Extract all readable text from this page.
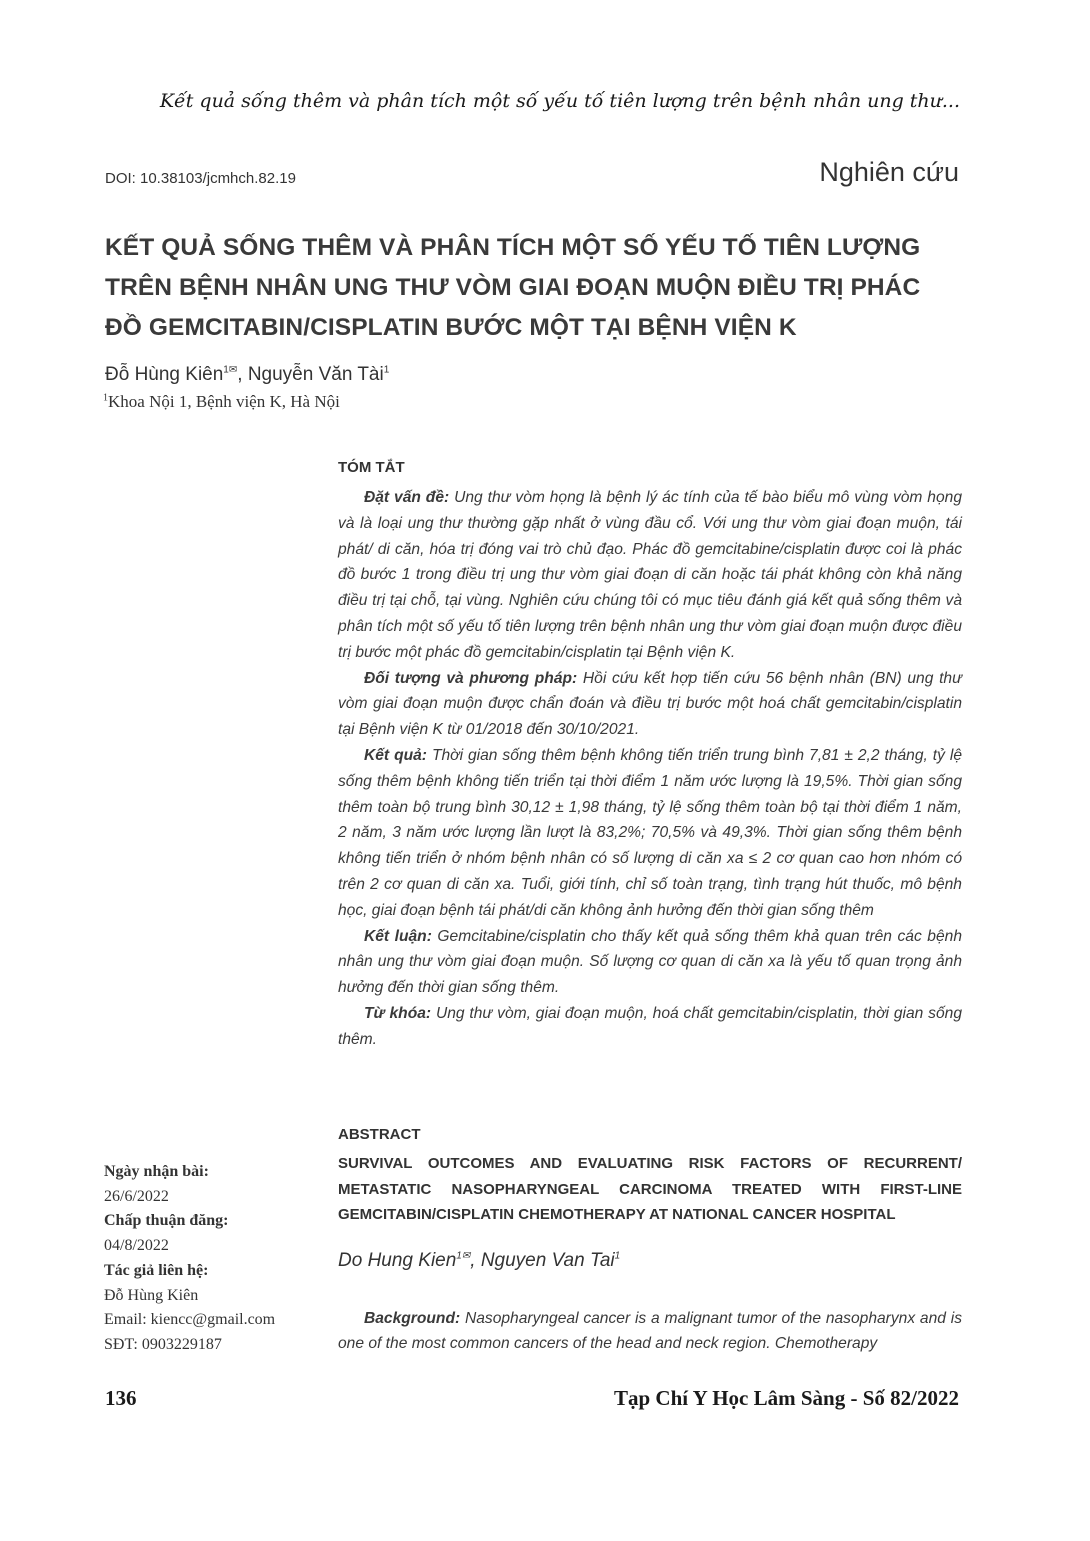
Kết quả sống thêm và phân tích một số yếu tố tiên lượng trên bệnh nhân ung thư...
DOI: 10.38103/jcmhch.82.19	Nghiên cứu
KẾT QUẢ SỐNG THÊM VÀ PHÂN TÍCH MỘT SỐ YẾU TỐ TIÊN LƯỢNG
TRÊN BỆNH NHÂN UNG THƯ VÒM GIAI ĐOẠN MUỘN ĐIỀU TRỊ PHÁC
ĐỒ GEMCITABIN/CISPLATIN BƯỚC MỘT TẠI BỆNH VIỆN K
Đỗ Hùng Kiên$^{1✉}$, Nguyễn Văn Tài$^1$
$^1$Khoa Nội 1, Bệnh viện K, Hà Nội
TÓM TẮT

Đặt vấn đề: Ung thư vòm họng là bệnh lý ác tính của tế bào biểu mô vùng vòm họng và là loại ung thư thường gặp nhất ở vùng đầu cổ. Với ung thư vòm giai đoạn muộn, tái phát/ di căn, hóa trị đóng vai trò chủ đạo. Phác đồ gemcitabine/cisplatin được coi là phác đồ bước 1 trong điều trị ung thư vòm giai đoạn di căn hoặc tái phát không còn khả năng điều trị tại chỗ, tại vùng. Nghiên cứu chúng tôi có mục tiêu đánh giá kết quả sống thêm và phân tích một số yếu tố tiên lượng trên bệnh nhân ung thư vòm giai đoạn muộn được điều trị bước một phác đồ gemcitabin/cisplatin tại Bệnh viện K.

Đối tượng và phương pháp: Hồi cứu kết hợp tiến cứu 56 bệnh nhân (BN) ung thư vòm giai đoạn muộn được chẩn đoán và điều trị bước một hoá chất gemcitabin/cisplatin tại Bệnh viện K từ 01/2018 đến 30/10/2021.

Kết quả: Thời gian sống thêm bệnh không tiến triển trung bình 7,81 ± 2,2 tháng, tỷ lệ sống thêm bệnh không tiến triển tại thời điểm 1 năm ước lượng là 19,5%. Thời gian sống thêm toàn bộ trung bình 30,12 ± 1,98 tháng, tỷ lệ sống thêm toàn bộ tại thời điểm 1 năm, 2 năm, 3 năm ước lượng lần lượt là 83,2%; 70,5% và 49,3%. Thời gian sống thêm bệnh không tiến triển ở nhóm bệnh nhân có số lượng di căn xa ≤ 2 cơ quan cao hơn nhóm có trên 2 cơ quan di căn xa. Tuổi, giới tính, chỉ số toàn trạng, tình trạng hút thuốc, mô bệnh học, giai đoạn bệnh tái phát/di căn không ảnh hưởng đến thời gian sống thêm

Kết luận: Gemcitabine/cisplatin cho thấy kết quả sống thêm khả quan trên các bệnh nhân ung thư vòm giai đoạn muộn. Số lượng cơ quan di căn xa là yếu tố quan trọng ảnh hưởng đến thời gian sống thêm.

Từ khóa: Ung thư vòm, giai đoạn muộn, hoá chất gemcitabin/cisplatin, thời gian sống thêm.

ABSTRACT

SURVIVAL OUTCOMES AND EVALUATING RISK FACTORS OF RECURRENT/ METASTATIC NASOPHARYNGEAL CARCINOMA TREATED WITH FIRST-LINE GEMCITABIN/CISPLATIN CHEMOTHERAPY AT NATIONAL CANCER HOSPITAL

Do Hung Kien$^{1✉}$, Nguyen Van Tai$^1$

Background: Nasopharyngeal cancer is a malignant tumor of the nasopharynx and is one of the most common cancers of the head and neck region. Chemotherapy

Ngày nhận bài:
26/6/2022
Chấp thuận đăng:
04/8/2022
Tác giả liên hệ:
Đỗ Hùng Kiên
Email: kiencc@gmail.com
SĐT: 0903229187
136	Tạp Chí Y Học Lâm Sàng - Số 82/2022
